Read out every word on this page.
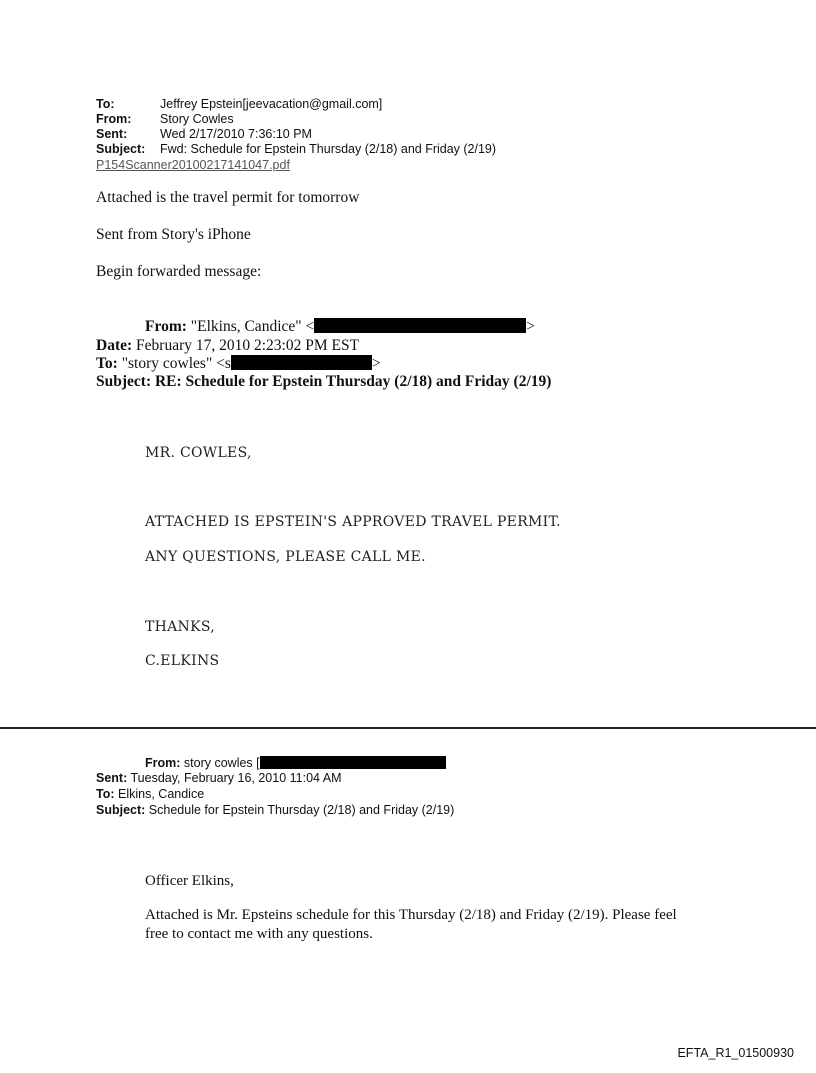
To:	Jeffrey Epstein[jeevacation@gmail.com]
From: Story Cowles
Sent:	Wed 2/17/2010 7:36:10 PM
Subject: Fwd: Schedule for Epstein Thursday (2/18) and Friday (2/19)
P154Scanner20100217141047.pdf
Attached is the travel permit for tomorrow
Sent from Story's iPhone
Begin forwarded message:
From: "Elkins, Candice" <	>
Date: February 17, 2010 2:23:02 PM EST
To: "story cowles" <s	>
Subject: RE: Schedule for Epstein Thursday (2/18) and Friday (2/19)
MR. COWLES,
ATTACHED IS EPSTEIN'S APPROVED TRAVEL PERMIT.
ANY QUESTIONS, PLEASE CALL ME.
THANKS,
C.ELKINS
From: story cowles [
Sent: Tuesday, February 16, 2010 11:04 AM
To: Elkins, Candice
Subject: Schedule for Epstein Thursday (2/18) and Friday (2/19)
Officer Elkins,
Attached is Mr. Epsteins schedule for this Thursday (2/18) and Friday (2/19). Please feel
free to contact me with any questions.
EFTA_R1_01500930
